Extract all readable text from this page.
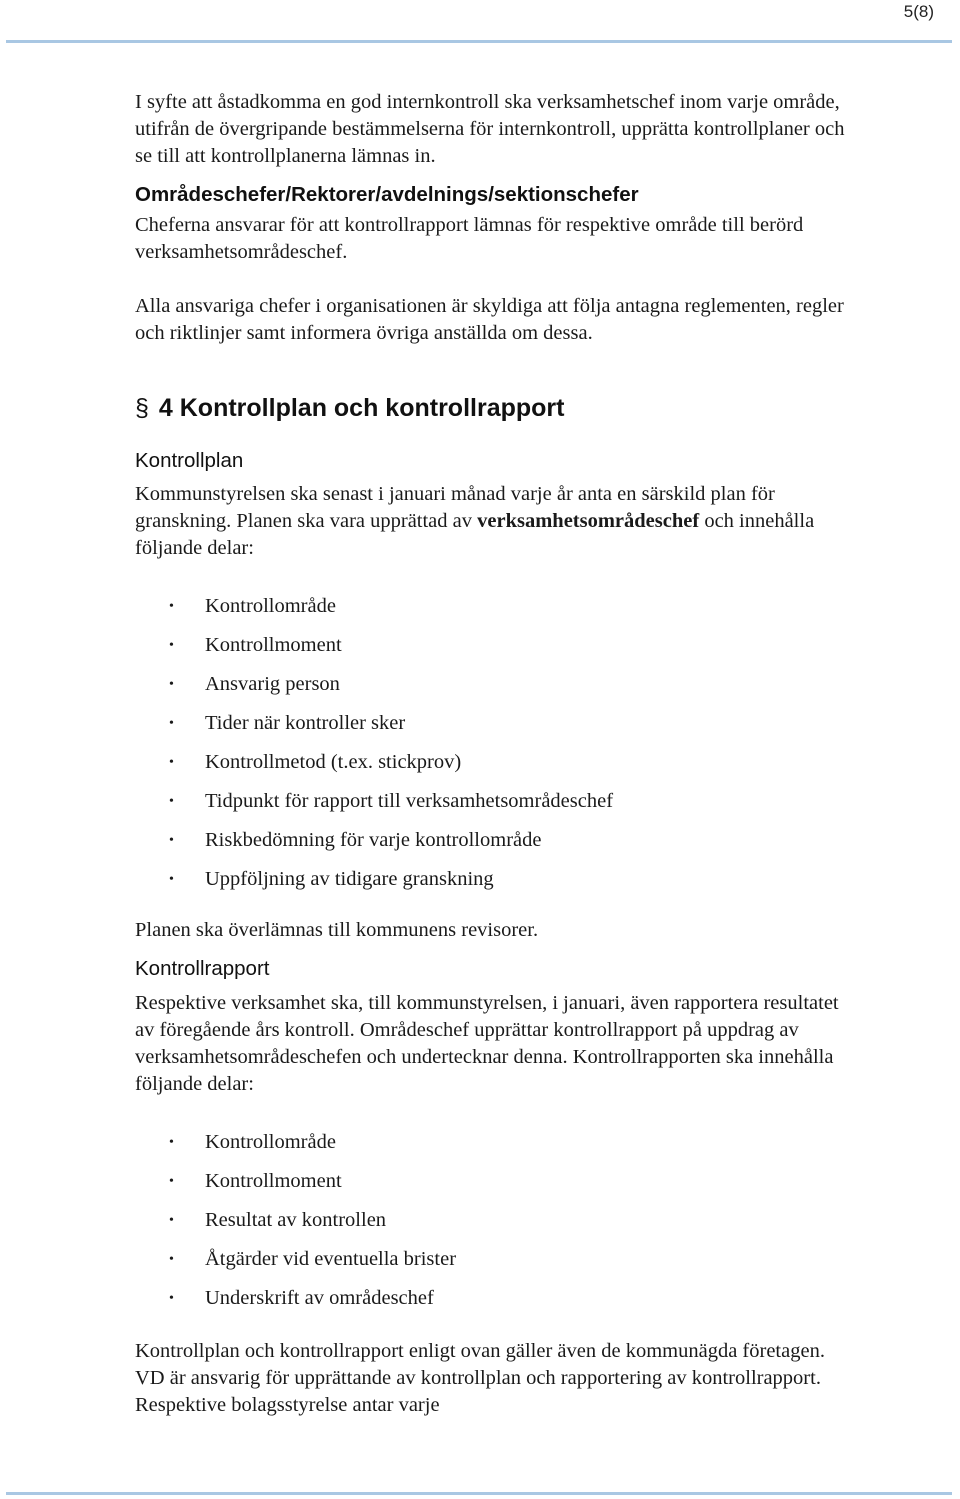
5(8)

I syfte att åstadkomma en god internkontroll ska verksamhetschef inom varje område, utifrån de övergripande bestämmelserna för internkontroll, upprätta kontrollplaner och se till att kontrollplanerna lämnas in.

Områdeschefer/Rektorer/avdelnings/sektionschefer

Cheferna ansvarar för att kontrollrapport lämnas för respektive område till berörd verksamhetsområdeschef.

Alla ansvariga chefer i organisationen är skyldiga att följa antagna reglementen, regler och riktlinjer samt informera övriga anställda om dessa.

§ 4 Kontrollplan och kontrollrapport
Kontrollplan

Kommunstyrelsen ska senast i januari månad varje år anta en särskild plan för granskning. Planen ska vara upprättad av verksamhetsområdeschef och innehålla följande delar:

• Kontrollområde
• Kontrollmoment
• Ansvarig person
• Tider när kontroller sker
• Kontrollmetod (t.ex. stickprov)
• Tidpunkt för rapport till verksamhetsområdeschef
• Riskbedömning för varje kontrollområde
• Uppföljning av tidigare granskning

Planen ska överlämnas till kommunens revisorer.

Kontrollrapport

Respektive verksamhet ska, till kommunstyrelsen, i januari, även rapportera resultatet av föregående års kontroll. Områdeschef upprättar kontrollrapport på uppdrag av verksamhetsområdeschefen och undertecknar denna. Kontrollrapporten ska innehålla följande delar:

• Kontrollområde
• Kontrollmoment
• Resultat av kontrollen
• Åtgärder vid eventuella brister
• Underskrift av områdeschef

Kontrollplan och kontrollrapport enligt ovan gäller även de kommunägda företagen. VD är ansvarig för upprättande av kontrollplan och rapportering av kontrollrapport. Respektive bolagsstyrelse antar varje
